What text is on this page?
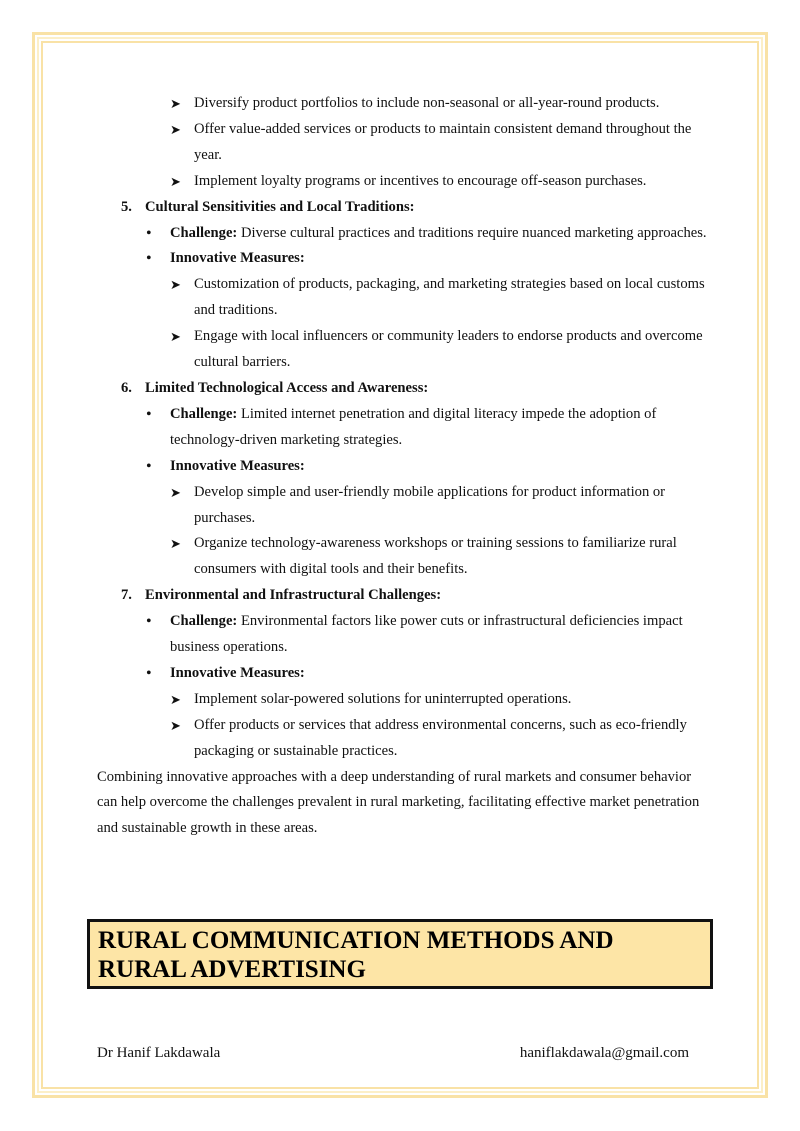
➤ Diversify product portfolios to include non-seasonal or all-year-round products.
➤ Offer value-added services or products to maintain consistent demand throughout the year.
➤ Implement loyalty programs or incentives to encourage off-season purchases.
5. Cultural Sensitivities and Local Traditions:
• Challenge: Diverse cultural practices and traditions require nuanced marketing approaches.
• Innovative Measures:
➤ Customization of products, packaging, and marketing strategies based on local customs and traditions.
➤ Engage with local influencers or community leaders to endorse products and overcome cultural barriers.
6. Limited Technological Access and Awareness:
• Challenge: Limited internet penetration and digital literacy impede the adoption of technology-driven marketing strategies.
• Innovative Measures:
➤ Develop simple and user-friendly mobile applications for product information or purchases.
➤ Organize technology-awareness workshops or training sessions to familiarize rural consumers with digital tools and their benefits.
7. Environmental and Infrastructural Challenges:
• Challenge: Environmental factors like power cuts or infrastructural deficiencies impact business operations.
• Innovative Measures:
➤ Implement solar-powered solutions for uninterrupted operations.
➤ Offer products or services that address environmental concerns, such as eco-friendly packaging or sustainable practices.
Combining innovative approaches with a deep understanding of rural markets and consumer behavior can help overcome the challenges prevalent in rural marketing, facilitating effective market penetration and sustainable growth in these areas.
RURAL COMMUNICATION METHODS AND RURAL ADVERTISING
Dr Hanif Lakdawala	haniflakdawala@gmail.com
